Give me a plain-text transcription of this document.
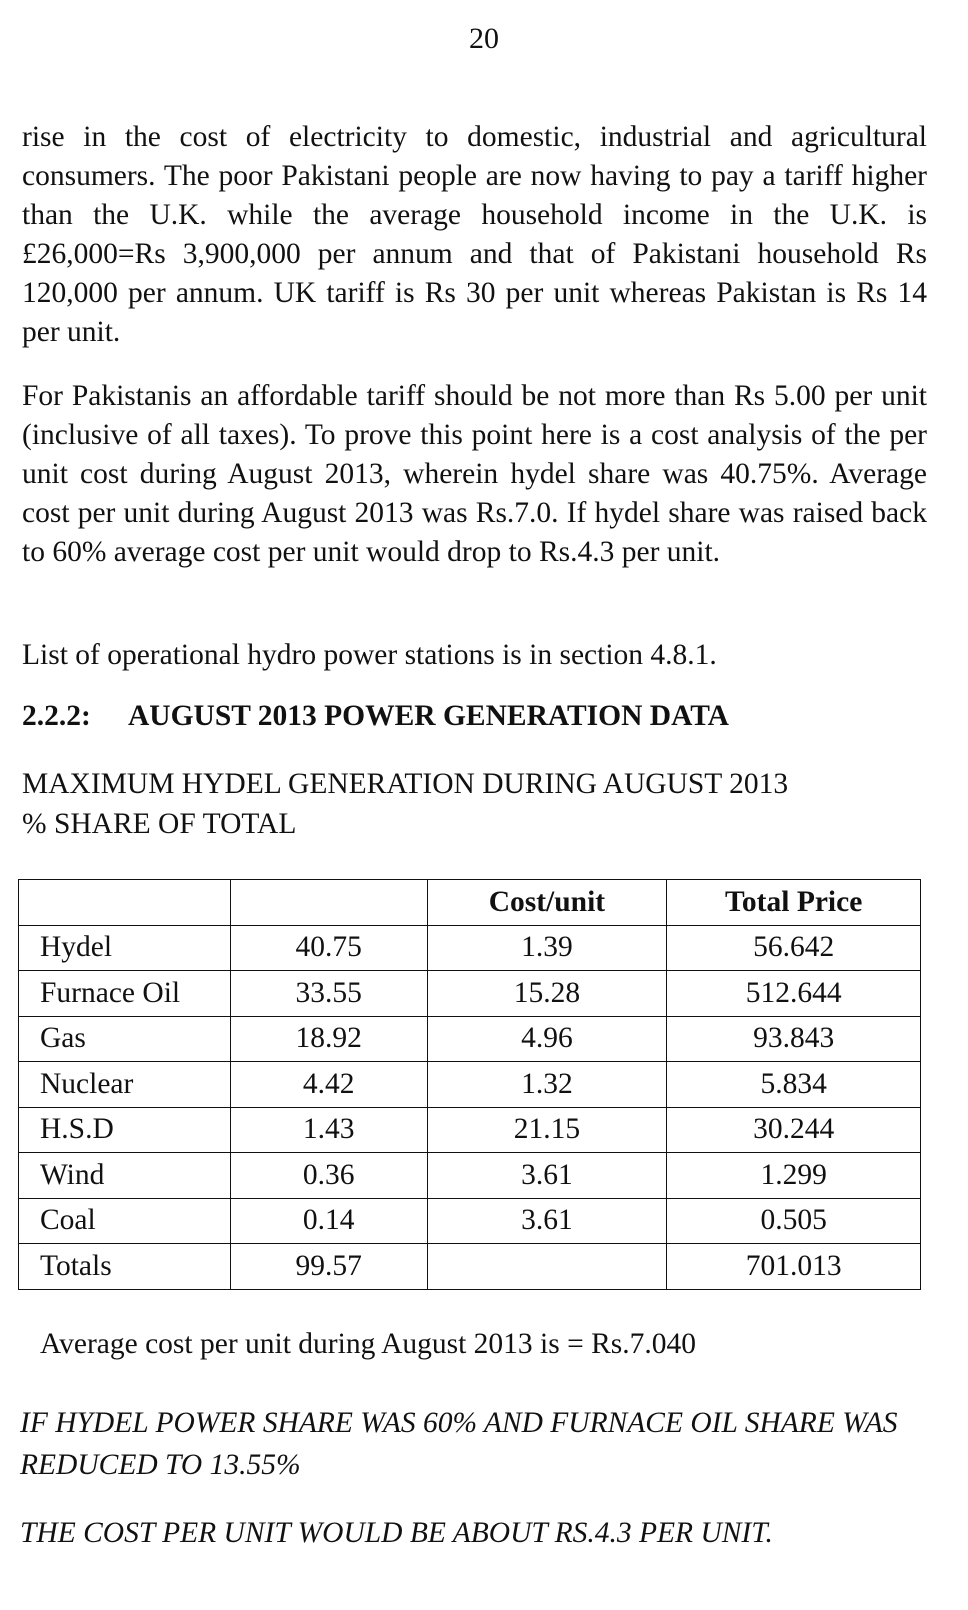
20

rise in the cost of electricity to domestic, industrial and agricultural consumers. The poor Pakistani people are now having to pay a tariff higher than the U.K. while the average household income in the U.K. is £26,000=Rs 3,900,000 per annum and that of Pakistani household Rs 120,000 per annum. UK tariff is Rs 30 per unit whereas Pakistan is Rs 14 per unit.

For Pakistanis an affordable tariff should be not more than Rs 5.00 per unit (inclusive of all taxes). To prove this point here is a cost analysis of the per unit cost during August 2013, wherein hydel share was 40.75%. Average cost per unit during August 2013 was Rs.7.0. If hydel share was raised back to 60% average cost per unit would drop to Rs.4.3 per unit.

List of operational hydro power stations is in section 4.8.1.

2.2.2: AUGUST 2013 POWER GENERATION DATA
MAXIMUM HYDEL GENERATION DURING AUGUST 2013
% SHARE OF TOTAL
		Cost/unit	Total Price
Hydel	40.75	1.39	56.642
Furnace Oil	33.55	15.28	512.644
Gas	18.92	4.96	93.843
Nuclear	4.42	1.32	5.834
H.S.D	1.43	21.15	30.244
Wind	0.36	3.61	1.299
Coal	0.14	3.61	0.505
Totals	99.57		701.013

Average cost per unit during August 2013 is = Rs.7.040

IF HYDEL POWER SHARE WAS 60% AND FURNACE OIL SHARE WAS REDUCED TO 13.55%

THE COST PER UNIT WOULD BE ABOUT RS.4.3 PER UNIT.
